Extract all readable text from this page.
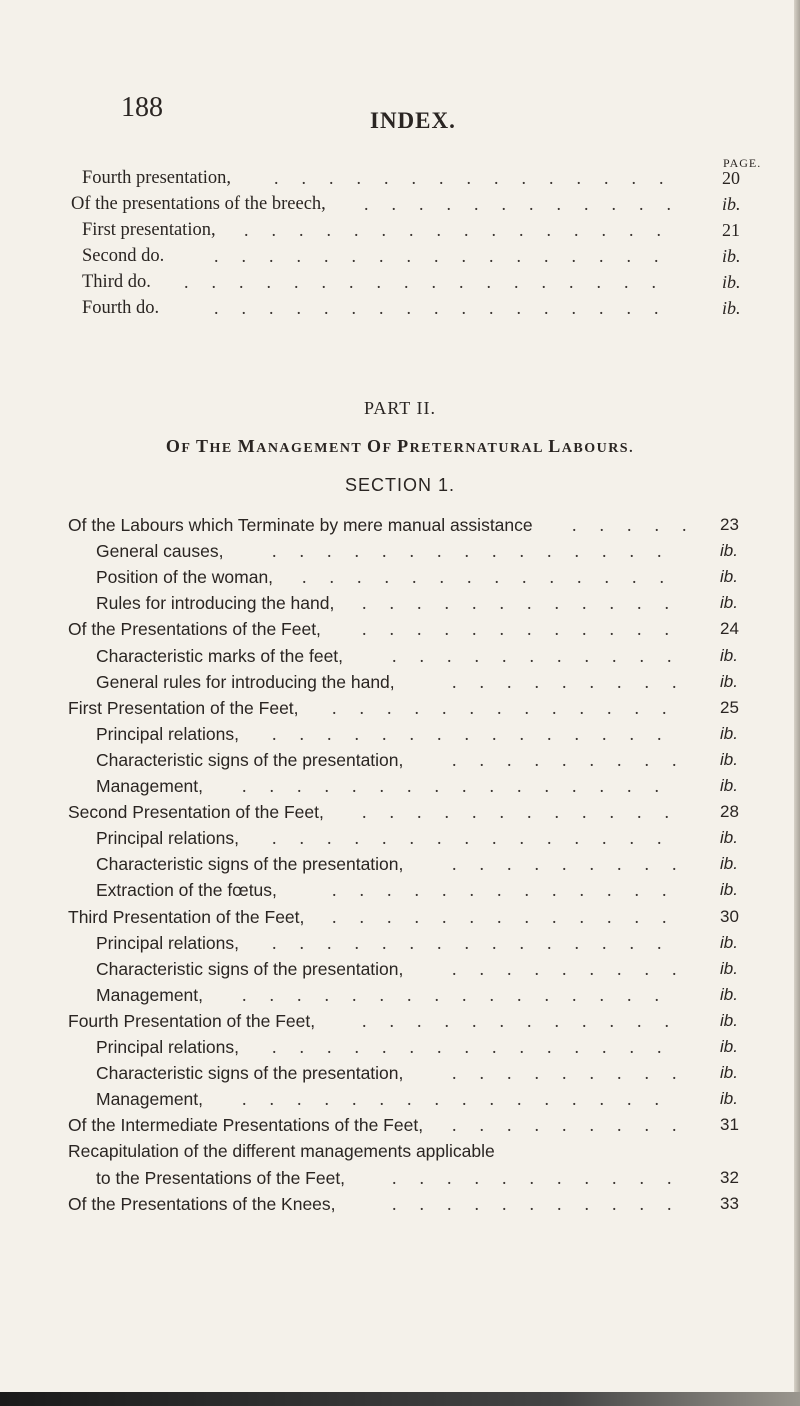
188	INDEX.
PAGE.
Fourth presentation,	20
...............
Of the presentations of the breech,	ib.
............
First presentation,	21
................
Second do.	ib.
.................
Third do.	ib.
..................
Fourth do.	ib.
.................
PART II.
OF THE MANAGEMENT OF PRETERNATURAL LABOURS.
SECTION 1.
Of the Labours which Terminate by mere manual assistance	23
.....
General causes,	ib.
...............
Position of the woman,	ib.
..............
Rules for introducing the hand,	ib.
............
Of the Presentations of the Feet,	24
............
Characteristic marks of the feet,	ib.
...........
General rules for introducing the hand,	ib.
.........
First Presentation of the Feet,	25
.............
Principal relations,	ib.
...............
Characteristic signs of the presentation,	ib.
.........
Management,	ib.
................
Second Presentation of the Feet,	28
............
Principal relations,	ib.
...............
Characteristic signs of the presentation,	ib.
.........
Extraction of the fœtus,	ib.
.............
Third Presentation of the Feet,	30
.............
Principal relations,	ib.
...............
Characteristic signs of the presentation,	ib.
.........
Management,	ib.
................
Fourth Presentation of the Feet,	ib.
............
Principal relations,	ib.
...............
Characteristic signs of the presentation,	ib.
.........
Management,	ib.
................
Of the Intermediate Presentations of the Feet,	31
.........
Recapitulation of the different managements applicable
to the Presentations of the Feet,	32
...........
Of the Presentations of the Knees,	33
...........
